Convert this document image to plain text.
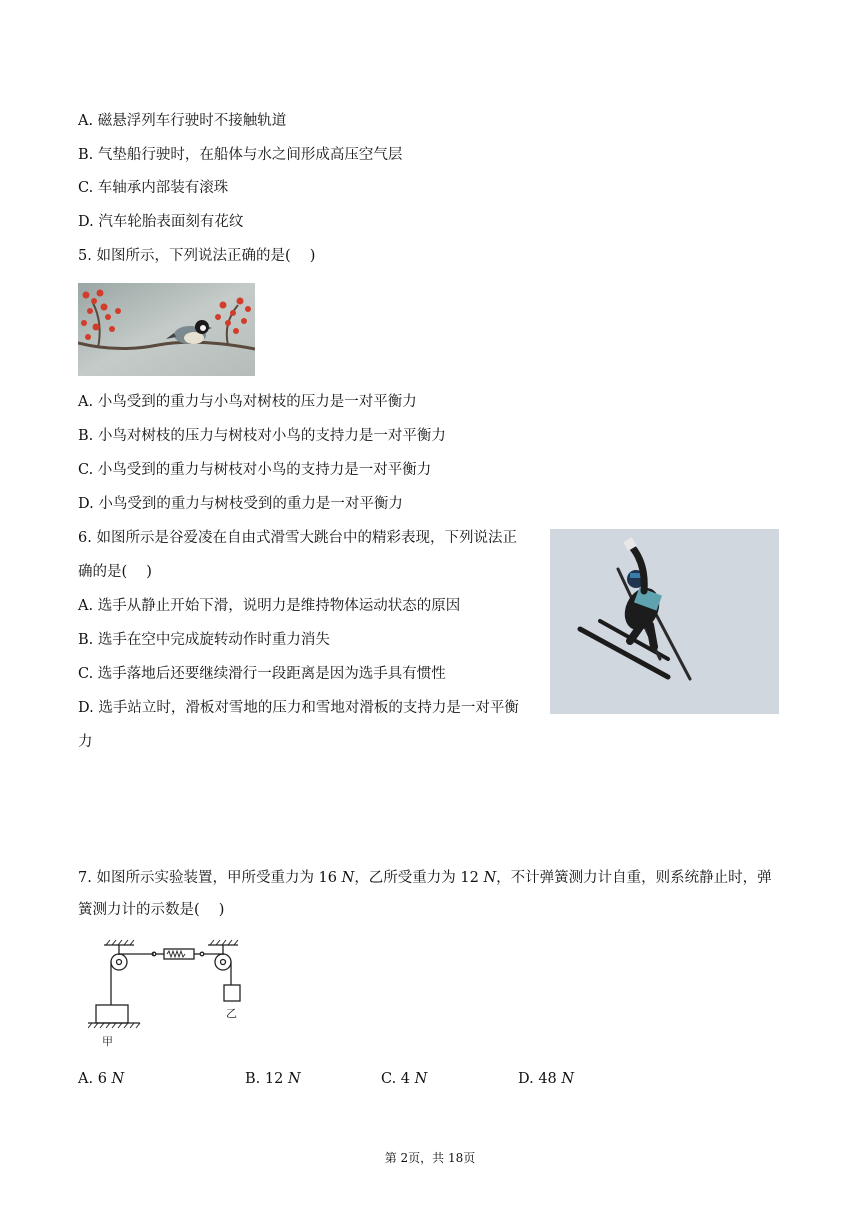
A. 磁悬浮列车行驶时不接触轨道
B. 气垫船行驶时，在船体与水之间形成高压空气层
C. 车轴承内部装有滚珠
D. 汽车轮胎表面刻有花纹
5. 如图所示，下列说法正确的是(　 )
A. 小鸟受到的重力与小鸟对树枝的压力是一对平衡力
B. 小鸟对树枝的压力与树枝对小鸟的支持力是一对平衡力
C. 小鸟受到的重力与树枝对小鸟的支持力是一对平衡力
D. 小鸟受到的重力与树枝受到的重力是一对平衡力
6. 如图所示是谷爱凌在自由式滑雪大跳台中的精彩表现，下列说法正
确的是(　 )
A. 选手从静止开始下滑，说明力是维持物体运动状态的原因
B. 选手在空中完成旋转动作时重力消失
C. 选手落地后还要继续滑行一段距离是因为选手具有惯性
D. 选手站立时，滑板对雪地的压力和雪地对滑板的支持力是一对平衡
力
7. 如图所示实验装置，甲所受重力为 16 N，乙所受重力为 12 N，不计弹簧测力计自重，则系统静止时，弹
簧测力计的示数是(　 )
甲
乙
A. 6 N	B. 12 N	C. 4 N	D. 48 N
第 2页，共 18页
